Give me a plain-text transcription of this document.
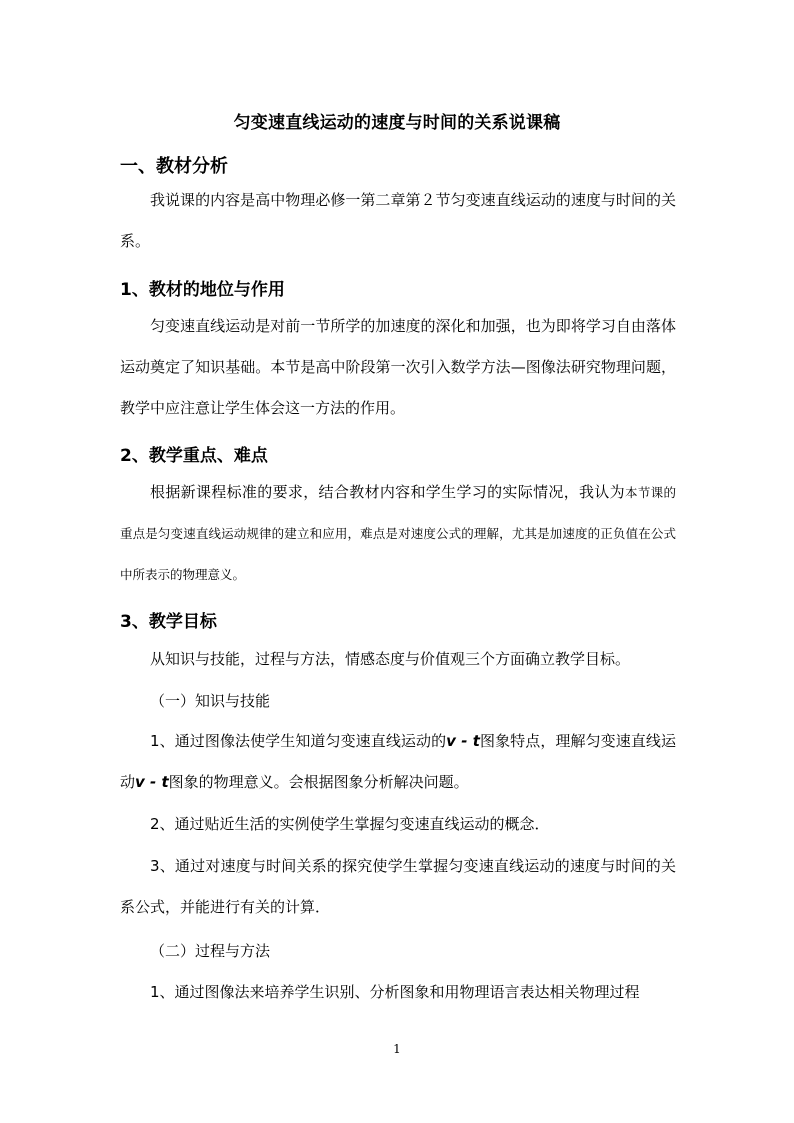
匀变速直线运动的速度与时间的关系说课稿
一、教材分析
我说课的内容是高中物理必修一第二章第２节匀变速直线运动的速度与时间的关系。
1、教材的地位与作用
匀变速直线运动是对前一节所学的加速度的深化和加强，也为即将学习自由落体运动奠定了知识基础。本节是高中阶段第一次引入数学方法—图像法研究物理问题，教学中应注意让学生体会这一方法的作用。
2、教学重点、难点
根据新课程标准的要求，结合教材内容和学生学习的实际情况，我认为本节课的重点是匀变速直线运动规律的建立和应用，难点是对速度公式的理解，尤其是加速度的正负值在公式中所表示的物理意义。
3、教学目标
从知识与技能，过程与方法，情感态度与价值观三个方面确立教学目标。
（一）知识与技能
1、通过图像法使学生知道匀变速直线运动的v - t图象特点，理解匀变速直线运动v - t图象的物理意义。会根据图象分析解决问题。
2、通过贴近生活的实例使学生掌握匀变速直线运动的概念．
3、通过对速度与时间关系的探究使学生掌握匀变速直线运动的速度与时间的关系公式，并能进行有关的计算．
（二）过程与方法
1、通过图像法来培养学生识别、分析图象和用物理语言表达相关物理过程
1
